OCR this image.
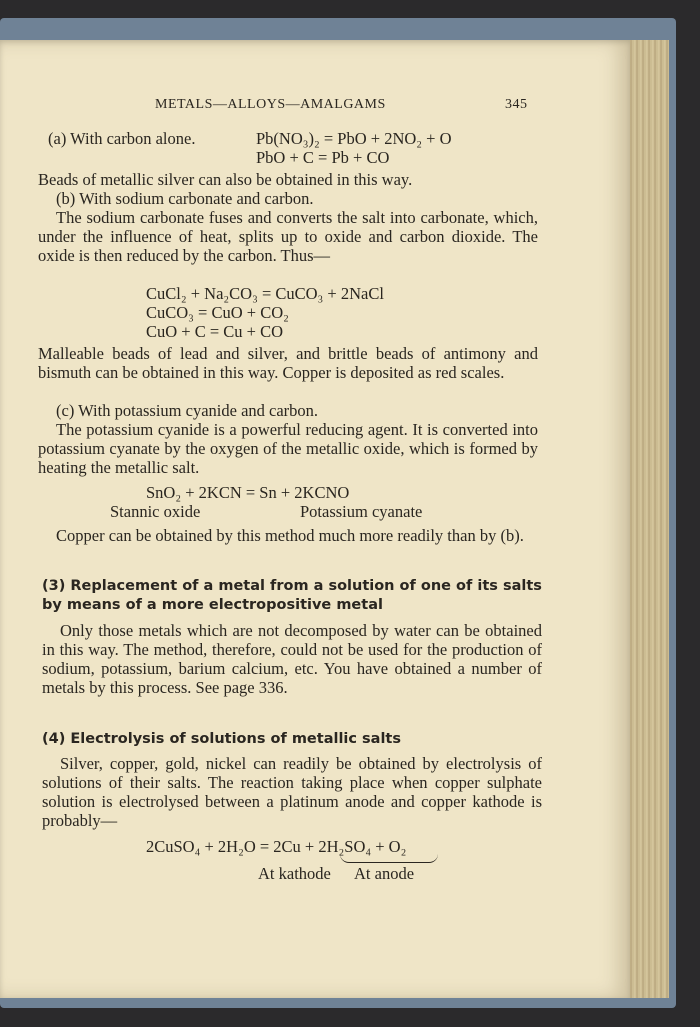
METALS—ALLOYS—AMALGAMS	345
(a) With carbon alone.	Pb(NO₃)₂ = PbO + 2NO₂ + O
PbO + C = Pb + CO

Beads of metallic silver can also be obtained in this way.

(b) With sodium carbonate and carbon.

The sodium carbonate fuses and converts the salt into carbonate, which, under the influence of heat, splits up to oxide and carbon dioxide. The oxide is then reduced by the carbon. Thus—

CuCl₂ + Na₂CO₃ = CuCO₃ + 2NaCl
CuCO₃ = CuO + CO₂
CuO + C = Cu + CO

Malleable beads of lead and silver, and brittle beads of antimony and bismuth can be obtained in this way. Copper is deposited as red scales.

(c) With potassium cyanide and carbon.

The potassium cyanide is a powerful reducing agent. It is converted into potassium cyanate by the oxygen of the metallic oxide, which is formed by heating the metallic salt.

SnO₂ + 2KCN = Sn + 2KCNO
Stannic oxide	Potassium cyanate

Copper can be obtained by this method much more readily than by (b).

(3) Replacement of a metal from a solution of one of its salts by means of a more electropositive metal

Only those metals which are not decomposed by water can be obtained in this way. The method, therefore, could not be used for the production of sodium, potassium, barium calcium, etc. You have obtained a number of metals by this process. See page 336.

(4) Electrolysis of solutions of metallic salts

Silver, copper, gold, nickel can readily be obtained by electrolysis of solutions of their salts. The reaction taking place when copper sulphate solution is electrolysed between a platinum anode and copper kathode is probably—

2CuSO₄ + 2H₂O = 2Cu + 2H₂SO₄ + O₂
At kathode At anode
